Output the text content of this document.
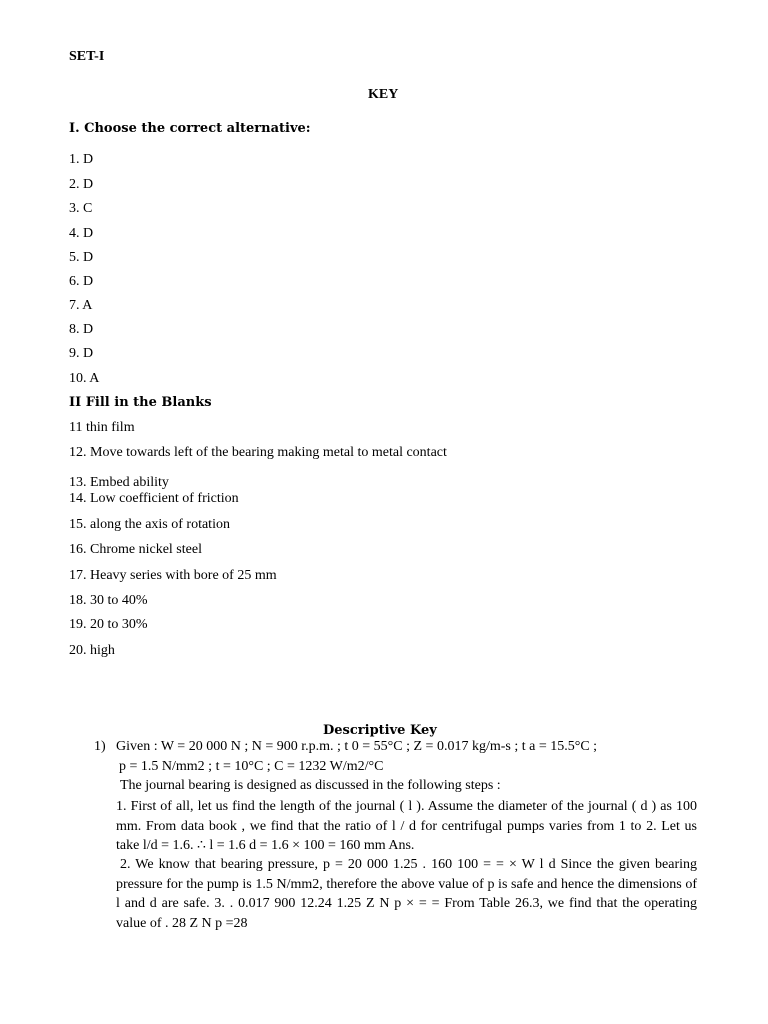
SET-I
KEY
I. Choose the correct alternative:
1. D
2. D
3. C
4. D
5. D
6. D
7. A
8. D
9. D
10. A
II Fill in the Blanks
11 thin film
12. Move towards left of the bearing making metal to metal contact
13. Embed ability
14. Low coefficient of friction
15. along the axis of rotation
16. Chrome nickel steel
17. Heavy series with bore of 25 mm
18. 30 to 40%
19. 20 to 30%
20. high
Descriptive Key
1) Given : W = 20 000 N ; N = 900 r.p.m. ; t 0 = 55°C ; Z = 0.017 kg/m-s ; t a = 15.5°C ;
p = 1.5 N/mm2 ; t = 10°C ; C = 1232 W/m2/°C
The journal bearing is designed as discussed in the following steps :
1. First of all, let us find the length of the journal ( l ). Assume the diameter of the journal ( d ) as 100 mm. From data book , we find that the ratio of l / d for centrifugal pumps varies from 1 to 2. Let us take l/d = 1.6. ∴ l = 1.6 d = 1.6 × 100 = 160 mm Ans.
2. We know that bearing pressure, p = 20 000 1.25 . 160 100 = = × W l d Since the given bearing pressure for the pump is 1.5 N/mm2, therefore the above value of p is safe and hence the dimensions of l and d are safe. 3. . 0.017 900 12.24 1.25 Z N p × = = From Table 26.3, we find that the operating value of . 28 Z N p =28
